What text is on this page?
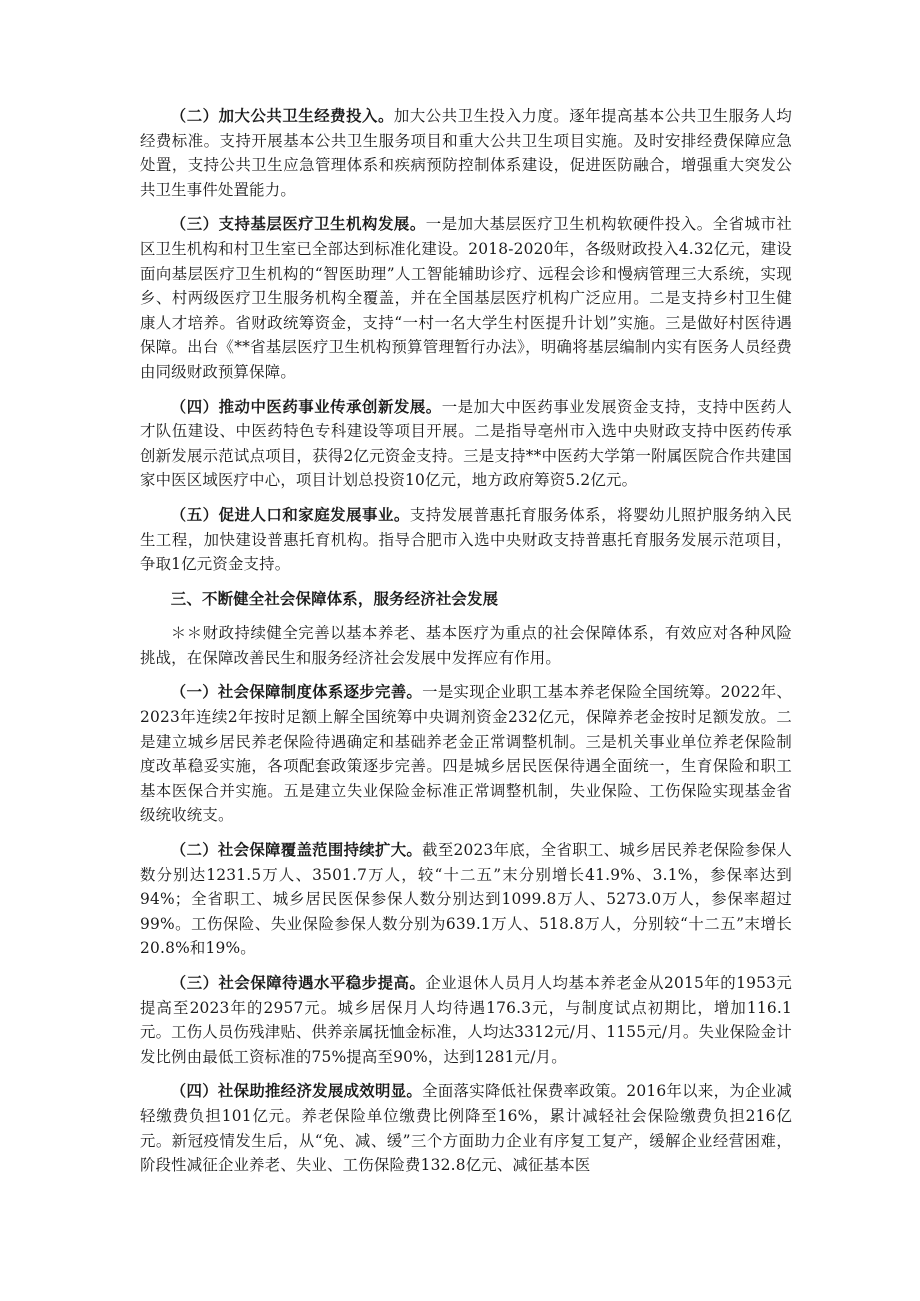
（二）加大公共卫生经费投入。加大公共卫生投入力度。逐年提高基本公共卫生服务人均经费标准。支持开展基本公共卫生服务项目和重大公共卫生项目实施。及时安排经费保障应急处置，支持公共卫生应急管理体系和疾病预防控制体系建设，促进医防融合，增强重大突发公共卫生事件处置能力。

（三）支持基层医疗卫生机构发展。一是加大基层医疗卫生机构软硬件投入。全省城市社区卫生机构和村卫生室已全部达到标准化建设。2018-2020年，各级财政投入4.32亿元，建设面向基层医疗卫生机构的“智医助理”人工智能辅助诊疗、远程会诊和慢病管理三大系统，实现乡、村两级医疗卫生服务机构全覆盖，并在全国基层医疗机构广泛应用。二是支持乡村卫生健康人才培养。省财政统筹资金，支持“一村一名大学生村医提升计划”实施。三是做好村医待遇保障。出台《**省基层医疗卫生机构预算管理暂行办法》，明确将基层编制内实有医务人员经费由同级财政预算保障。

（四）推动中医药事业传承创新发展。一是加大中医药事业发展资金支持，支持中医药人才队伍建设、中医药特色专科建设等项目开展。二是指导亳州市入选中央财政支持中医药传承创新发展示范试点项目，获得2亿元资金支持。三是支持**中医药大学第一附属医院合作共建国家中医区域医疗中心，项目计划总投资10亿元，地方政府筹资5.2亿元。

（五）促进人口和家庭发展事业。支持发展普惠托育服务体系，将婴幼儿照护服务纳入民生工程，加快建设普惠托育机构。指导合肥市入选中央财政支持普惠托育服务发展示范项目，争取1亿元资金支持。

三、不断健全社会保障体系，服务经济社会发展

＊＊财政持续健全完善以基本养老、基本医疗为重点的社会保障体系，有效应对各种风险挑战，在保障改善民生和服务经济社会发展中发挥应有作用。

（一）社会保障制度体系逐步完善。一是实现企业职工基本养老保险全国统筹。2022年、2023年连续2年按时足额上解全国统筹中央调剂资金232亿元，保障养老金按时足额发放。二是建立城乡居民养老保险待遇确定和基础养老金正常调整机制。三是机关事业单位养老保险制度改革稳妥实施，各项配套政策逐步完善。四是城乡居民医保待遇全面统一，生育保险和职工基本医保合并实施。五是建立失业保险金标准正常调整机制，失业保险、工伤保险实现基金省级统收统支。

（二）社会保障覆盖范围持续扩大。截至2023年底，全省职工、城乡居民养老保险参保人数分别达1231.5万人、3501.7万人，较“十二五”末分别增长41.9%、3.1%，参保率达到94%；全省职工、城乡居民医保参保人数分别达到1099.8万人、5273.0万人，参保率超过99%。工伤保险、失业保险参保人数分别为639.1万人、518.8万人，分别较“十二五”末增长20.8%和19%。

（三）社会保障待遇水平稳步提高。企业退休人员月人均基本养老金从2015年的1953元提高至2023年的2957元。城乡居保月人均待遇176.3元，与制度试点初期比，增加116.1元。工伤人员伤残津贴、供养亲属抚恤金标准，人均达3312元/月、1155元/月。失业保险金计发比例由最低工资标准的75%提高至90%，达到1281元/月。

（四）社保助推经济发展成效明显。全面落实降低社保费率政策。2016年以来，为企业减轻缴费负担101亿元。养老保险单位缴费比例降至16%，累计减轻社会保险缴费负担216亿元。新冠疫情发生后，从“免、减、缓”三个方面助力企业有序复工复产，缓解企业经营困难，阶段性减征企业养老、失业、工伤保险费132.8亿元、减征基本医
